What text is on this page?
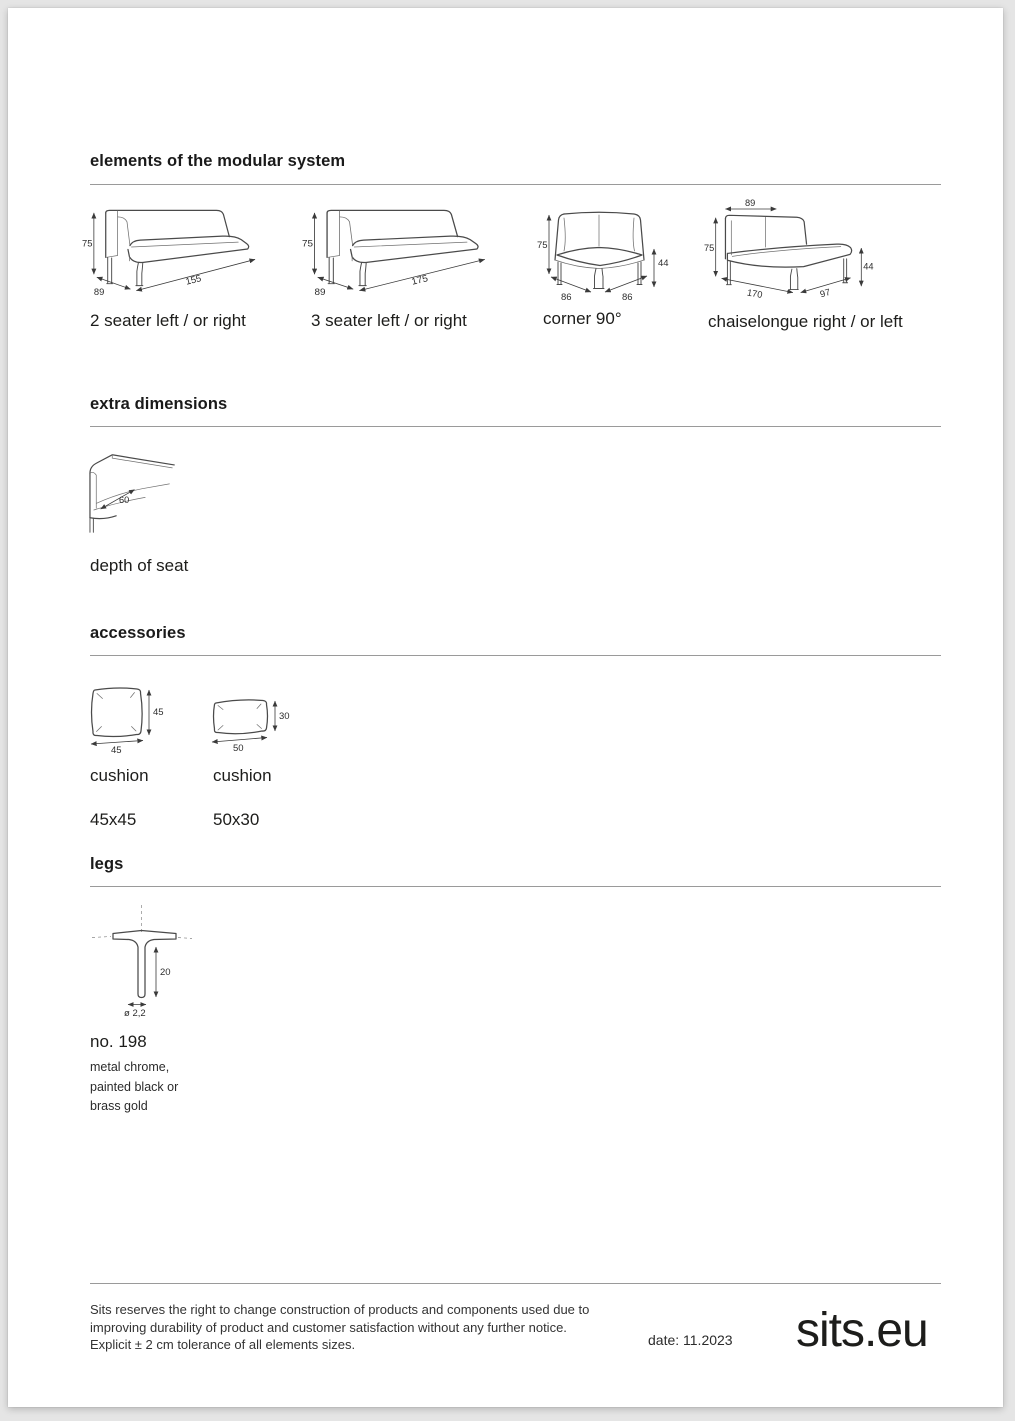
elements of the modular system
75
89
155
2 seater left / or right
75
89
175
3 seater left / or right
75
44
86	86
corner 90°
89
75
44
170	97
chaiselongue right / or left
extra dimensions
60
depth of seat
accessories
45
45
cushion

45x45

30
50
cushion

50x30

legs
20
ø 2,2
no. 198
metal chrome,
painted black or
brass gold
Sits reserves the right to change construction of products and components used due to improving durability of product and customer satisfaction without any further notice. Explicit ± 2 cm tolerance of all elements sizes.	date: 11.2023 sits.eu
